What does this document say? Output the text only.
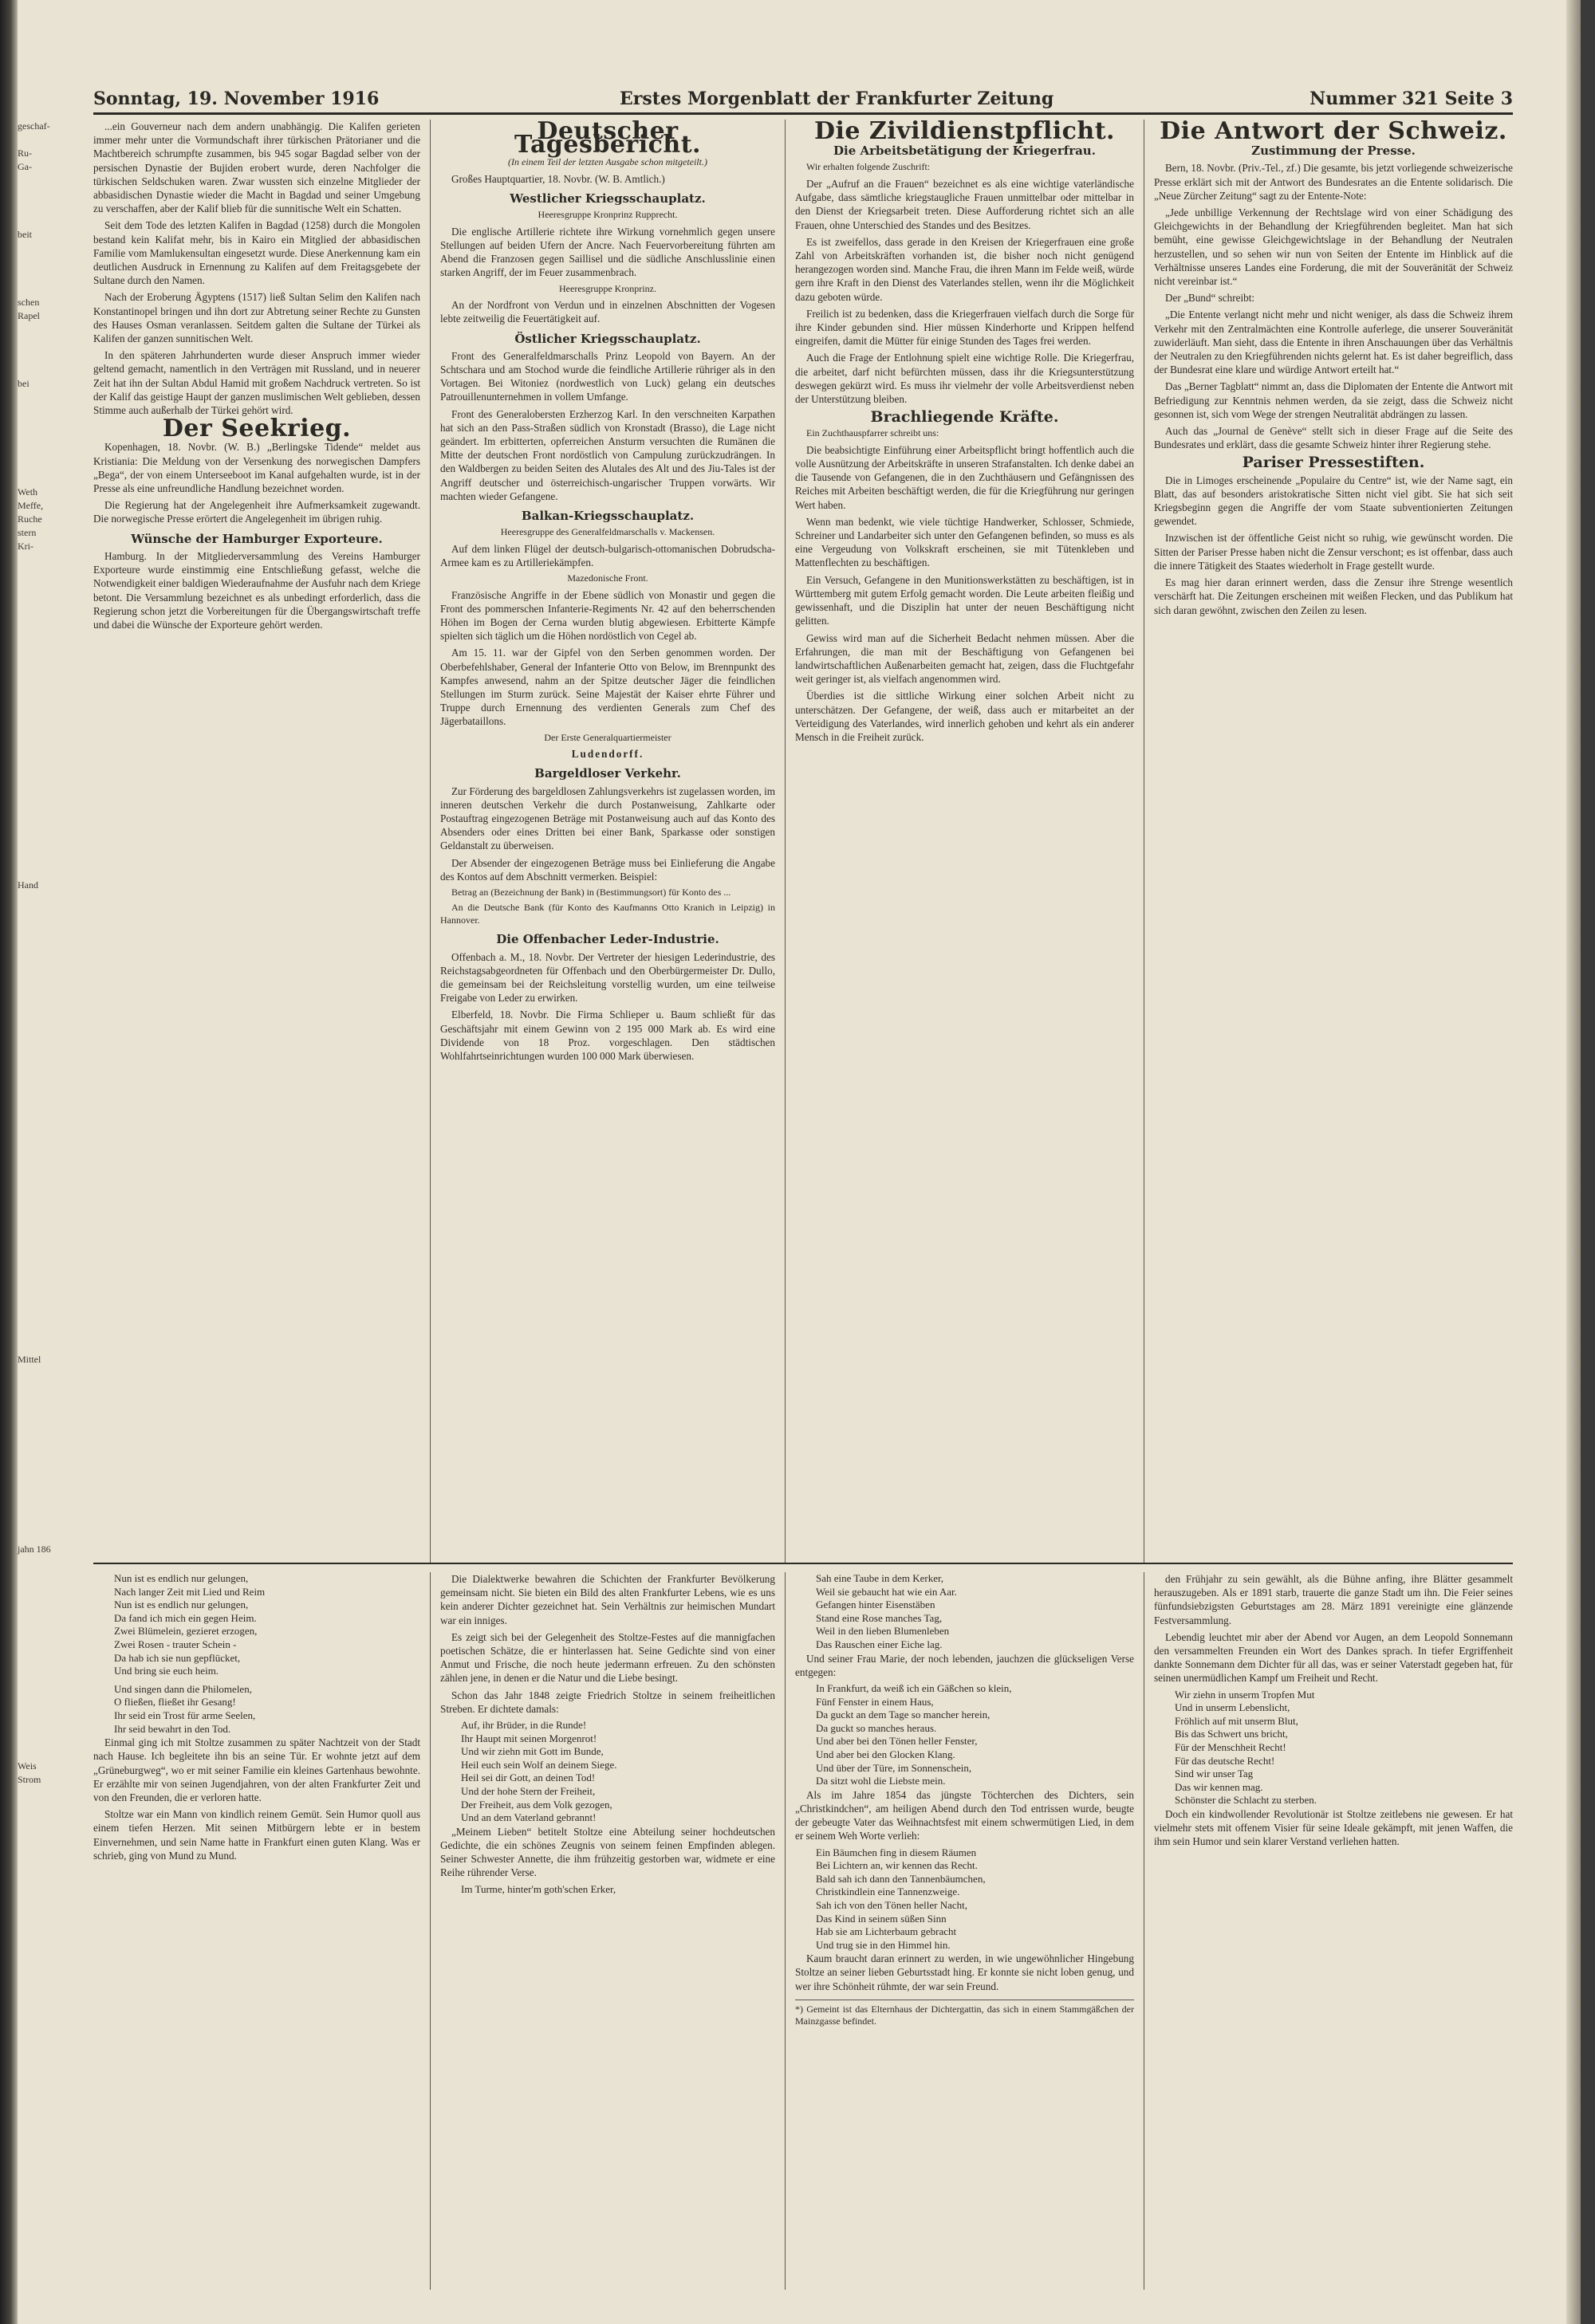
geschaf-
Ru-
Ga-
beit
schen
Rapel
bei
Weth
Meffe,
Ruche
stern
Kri-
Hand
Mittel
jahn 186
Weis
Strom
Sonntag, 19. November 1916	Erstes Morgenblatt der Frankfurter Zeitung	Nummer 321 Seite 3

...ein Gouverneur nach dem andern unabhängig. Die Kalifen gerieten immer mehr unter die Vormundschaft ihrer türkischen Prätorianer und die Machtbereich schrumpfte zusammen, bis 945 sogar Bagdad selber von der persischen Dynastie der Bujiden erobert wurde, deren Nachfolger die türkischen Seldschuken waren. Zwar wussten sich einzelne Mitglieder der abbasidischen Dynastie wieder die Macht in Bagdad und seiner Umgebung zu verschaffen, aber der Kalif blieb für die sunnitische Welt ein Schatten.

Seit dem Tode des letzten Kalifen in Bagdad (1258) durch die Mongolen bestand kein Kalifat mehr, bis in Kairo ein Mitglied der abbasidischen Familie vom Mamlukensultan eingesetzt wurde. Diese Anerkennung kam ein deutlichen Ausdruck in Ernennung zu Kalifen auf dem Freitagsgebete der Sultane durch den Namen.

Nach der Eroberung Ägyptens (1517) ließ Sultan Selim den Kalifen nach Konstantinopel bringen und ihn dort zur Abtretung seiner Rechte zu Gunsten des Hauses Osman veranlassen. Seitdem galten die Sultane der Türkei als Kalifen der ganzen sunnitischen Welt.

In den späteren Jahrhunderten wurde dieser Anspruch immer wieder geltend gemacht, namentlich in den Verträgen mit Russland, und in neuerer Zeit hat ihn der Sultan Abdul Hamid mit großem Nachdruck vertreten. So ist der Kalif das geistige Haupt der ganzen muslimischen Welt geblieben, dessen Stimme auch außerhalb der Türkei gehört wird.

Der Seekrieg.

Kopenhagen, 18. Novbr. (W. B.) „Berlingske Tidende“ meldet aus Kristiania: Die Meldung von der Versenkung des norwegischen Dampfers „Bega“, der von einem Unterseeboot im Kanal aufgehalten wurde, ist in der Presse als eine unfreundliche Handlung bezeichnet worden.

Die Regierung hat der Angelegenheit ihre Aufmerksamkeit zugewandt. Die norwegische Presse erörtert die Angelegenheit im übrigen ruhig.

Wünsche der Hamburger Exporteure.

Hamburg. In der Mitgliederversammlung des Vereins Hamburger Exporteure wurde einstimmig eine Entschließung gefasst, welche die Notwendigkeit einer baldigen Wiederaufnahme der Ausfuhr nach dem Kriege betont. Die Versammlung bezeichnet es als unbedingt erforderlich, dass die Regierung schon jetzt die Vorbereitungen für die Übergangswirtschaft treffe und dabei die Wünsche der Exporteure gehört werden.

Deutscher Tagesbericht.

(In einem Teil der letzten Ausgabe schon mitgeteilt.)

Großes Hauptquartier, 18. Novbr. (W. B. Amtlich.)

Westlicher Kriegsschauplatz.

Heeresgruppe Kronprinz Rupprecht.

Die englische Artillerie richtete ihre Wirkung vornehmlich gegen unsere Stellungen auf beiden Ufern der Ancre. Nach Feuervorbereitung führten am Abend die Franzosen gegen Saillisel und die südliche Anschlusslinie einen starken Angriff, der im Feuer zusammenbrach.

Heeresgruppe Kronprinz.

An der Nordfront von Verdun und in einzelnen Abschnitten der Vogesen lebte zeitweilig die Feuertätigkeit auf.

Östlicher Kriegsschauplatz.

Front des Generalfeldmarschalls Prinz Leopold von Bayern. An der Schtschara und am Stochod wurde die feindliche Artillerie rühriger als in den Vortagen. Bei Witoniez (nordwestlich von Luck) gelang ein deutsches Patrouillenunternehmen in vollem Umfange.

Front des Generalobersten Erzherzog Karl. In den verschneiten Karpathen hat sich an den Pass-Straßen südlich von Kronstadt (Brasso), die Lage nicht geändert. Im erbitterten, opferreichen Ansturm versuchten die Rumänen die Mitte der deutschen Front nordöstlich von Campulung zurückzudrängen. In den Waldbergen zu beiden Seiten des Alutales des Alt und des Jiu-Tales ist der Angriff deutscher und österreichisch-ungarischer Truppen vorwärts. Wir machten wieder Gefangene.

Balkan-Kriegsschauplatz.

Heeresgruppe des Generalfeldmarschalls v. Mackensen.

Auf dem linken Flügel der deutsch-bulgarisch-ottomanischen Dobrudscha-Armee kam es zu Artilleriekämpfen.

Mazedonische Front.

Französische Angriffe in der Ebene südlich von Monastir und gegen die Front des pommerschen Infanterie-Regiments Nr. 42 auf den beherrschenden Höhen im Bogen der Cerna wurden blutig abgewiesen. Erbitterte Kämpfe spielten sich täglich um die Höhen nordöstlich von Cegel ab.

Am 15. 11. war der Gipfel von den Serben genommen worden. Der Oberbefehlshaber, General der Infanterie Otto von Below, im Brennpunkt des Kampfes anwesend, nahm an der Spitze deutscher Jäger die feindlichen Stellungen im Sturm zurück. Seine Majestät der Kaiser ehrte Führer und Truppe durch Ernennung des verdienten Generals zum Chef des Jägerbataillons.

Der Erste Generalquartiermeister

Ludendorff.

Bargeldloser Verkehr.

Zur Förderung des bargeldlosen Zahlungsverkehrs ist zugelassen worden, im inneren deutschen Verkehr die durch Postanweisung, Zahlkarte oder Postauftrag eingezogenen Beträge mit Postanweisung auch auf das Konto des Absenders oder eines Dritten bei einer Bank, Sparkasse oder sonstigen Geldanstalt zu überweisen.

Der Absender der eingezogenen Beträge muss bei Einlieferung die Angabe des Kontos auf dem Abschnitt vermerken. Beispiel:

Betrag an (Bezeichnung der Bank) in (Bestimmungsort) für Konto des ...

An die Deutsche Bank (für Konto des Kaufmanns Otto Kranich in Leipzig) in Hannover.

Die Offenbacher Leder-Industrie.

Offenbach a. M., 18. Novbr. Der Vertreter der hiesigen Lederindustrie, des Reichstagsabgeordneten für Offenbach und den Oberbürgermeister Dr. Dullo, die gemeinsam bei der Reichsleitung vorstellig wurden, um eine teilweise Freigabe von Leder zu erwirken.

Elberfeld, 18. Novbr. Die Firma Schlieper u. Baum schließt für das Geschäftsjahr mit einem Gewinn von 2 195 000 Mark ab. Es wird eine Dividende von 18 Proz. vorgeschlagen. Den städtischen Wohlfahrtseinrichtungen wurden 100 000 Mark überwiesen.

Die Zivildienstpflicht.
Die Arbeitsbetätigung der Kriegerfrau.

Wir erhalten folgende Zuschrift:

Der „Aufruf an die Frauen“ bezeichnet es als eine wichtige vaterländische Aufgabe, dass sämtliche kriegstaugliche Frauen unmittelbar oder mittelbar in den Dienst der Kriegsarbeit treten. Diese Aufforderung richtet sich an alle Frauen, ohne Unterschied des Standes und des Besitzes.

Es ist zweifellos, dass gerade in den Kreisen der Kriegerfrauen eine große Zahl von Arbeitskräften vorhanden ist, die bisher noch nicht genügend herangezogen worden sind. Manche Frau, die ihren Mann im Felde weiß, würde gern ihre Kraft in den Dienst des Vaterlandes stellen, wenn ihr die Möglichkeit dazu geboten würde.

Freilich ist zu bedenken, dass die Kriegerfrauen vielfach durch die Sorge für ihre Kinder gebunden sind. Hier müssen Kinderhorte und Krippen helfend eingreifen, damit die Mütter für einige Stunden des Tages frei werden.

Auch die Frage der Entlohnung spielt eine wichtige Rolle. Die Kriegerfrau, die arbeitet, darf nicht befürchten müssen, dass ihr die Kriegsunterstützung deswegen gekürzt wird. Es muss ihr vielmehr der volle Arbeitsverdienst neben der Unterstützung bleiben.

Brachliegende Kräfte.

Ein Zuchthauspfarrer schreibt uns:

Die beabsichtigte Einführung einer Arbeitspflicht bringt hoffentlich auch die volle Ausnützung der Arbeitskräfte in unseren Strafanstalten. Ich denke dabei an die Tausende von Gefangenen, die in den Zuchthäusern und Gefängnissen des Reiches mit Arbeiten beschäftigt werden, die für die Kriegführung nur geringen Wert haben.

Wenn man bedenkt, wie viele tüchtige Handwerker, Schlosser, Schmiede, Schreiner und Landarbeiter sich unter den Gefangenen befinden, so muss es als eine Vergeudung von Volkskraft erscheinen, sie mit Tütenkleben und Mattenflechten zu beschäftigen.

Ein Versuch, Gefangene in den Munitionswerkstätten zu beschäftigen, ist in Württemberg mit gutem Erfolg gemacht worden. Die Leute arbeiten fleißig und gewissenhaft, und die Disziplin hat unter der neuen Beschäftigung nicht gelitten.

Gewiss wird man auf die Sicherheit Bedacht nehmen müssen. Aber die Erfahrungen, die man mit der Beschäftigung von Gefangenen bei landwirtschaftlichen Außenarbeiten gemacht hat, zeigen, dass die Fluchtgefahr weit geringer ist, als vielfach angenommen wird.

Überdies ist die sittliche Wirkung einer solchen Arbeit nicht zu unterschätzen. Der Gefangene, der weiß, dass auch er mitarbeitet an der Verteidigung des Vaterlandes, wird innerlich gehoben und kehrt als ein anderer Mensch in die Freiheit zurück.

Die Antwort der Schweiz.
Zustimmung der Presse.

Bern, 18. Novbr. (Priv.-Tel., zf.) Die gesamte, bis jetzt vorliegende schweizerische Presse erklärt sich mit der Antwort des Bundesrates an die Entente solidarisch. Die „Neue Zürcher Zeitung“ sagt zu der Entente-Note:

„Jede unbillige Verkennung der Rechtslage wird von einer Schädigung des Gleichgewichts in der Behandlung der Kriegführenden begleitet. Man hat sich bemüht, eine gewisse Gleichgewichtslage in der Behandlung der Neutralen herzustellen, und so sehen wir nun von Seiten der Entente im Hinblick auf die Verhältnisse unseres Landes eine Forderung, die mit der Souveränität der Schweiz nicht vereinbar ist.“

Der „Bund“ schreibt:

„Die Entente verlangt nicht mehr und nicht weniger, als dass die Schweiz ihrem Verkehr mit den Zentralmächten eine Kontrolle auferlege, die unserer Souveränität zuwiderläuft. Man sieht, dass die Entente in ihren Anschauungen über das Verhältnis der Neutralen zu den Kriegführenden nichts gelernt hat. Es ist daher begreiflich, dass der Bundesrat eine klare und würdige Antwort erteilt hat.“

Das „Berner Tagblatt“ nimmt an, dass die Diplomaten der Entente die Antwort mit Befriedigung zur Kenntnis nehmen werden, da sie zeigt, dass die Schweiz nicht gesonnen ist, sich vom Wege der strengen Neutralität abdrängen zu lassen.

Auch das „Journal de Genève“ stellt sich in dieser Frage auf die Seite des Bundesrates und erklärt, dass die gesamte Schweiz hinter ihrer Regierung stehe.

Pariser Pressestiften.

Die in Limoges erscheinende „Populaire du Centre“ ist, wie der Name sagt, ein Blatt, das auf besonders aristokratische Sitten nicht viel gibt. Sie hat sich seit Kriegsbeginn gegen die Angriffe der vom Staate subventionierten Zeitungen gewendet.

Inzwischen ist der öffentliche Geist nicht so ruhig, wie gewünscht worden. Die Sitten der Pariser Presse haben nicht die Zensur verschont; es ist offenbar, dass auch die innere Tätigkeit des Staates wiederholt in Frage gestellt wurde.

Es mag hier daran erinnert werden, dass die Zensur ihre Strenge wesentlich verschärft hat. Die Zeitungen erscheinen mit weißen Flecken, und das Publikum hat sich daran gewöhnt, zwischen den Zeilen zu lesen.

Nun ist es endlich nur gelungen,
Nach langer Zeit mit Lied und Reim
Nun ist es endlich nur gelungen,
Da fand ich mich ein gegen Heim.
Zwei Blümelein, gezieret erzogen,
Zwei Rosen - trauter Schein -
Da hab ich sie nun gepflücket,
Und bring sie euch heim.
Und singen dann die Philomelen,
O fließen, fließet ihr Gesang!
Ihr seid ein Trost für arme Seelen,
Ihr seid bewahrt in den Tod.

Einmal ging ich mit Stoltze zusammen zu später Nachtzeit von der Stadt nach Hause. Ich begleitete ihn bis an seine Tür. Er wohnte jetzt auf dem „Grüneburgweg“, wo er mit seiner Familie ein kleines Gartenhaus bewohnte. Er erzählte mir von seinen Jugendjahren, von der alten Frankfurter Zeit und von den Freunden, die er verloren hatte.

Stoltze war ein Mann von kindlich reinem Gemüt. Sein Humor quoll aus einem tiefen Herzen. Mit seinen Mitbürgern lebte er in bestem Einvernehmen, und sein Name hatte in Frankfurt einen guten Klang. Was er schrieb, ging von Mund zu Mund.

Die Dialektwerke bewahren die Schichten der Frankfurter Bevölkerung gemeinsam nicht. Sie bieten ein Bild des alten Frankfurter Lebens, wie es uns kein anderer Dichter gezeichnet hat. Sein Verhältnis zur heimischen Mundart war ein inniges.

Es zeigt sich bei der Gelegenheit des Stoltze-Festes auf die mannigfachen poetischen Schätze, die er hinterlassen hat. Seine Gedichte sind von einer Anmut und Frische, die noch heute jedermann erfreuen. Zu den schönsten zählen jene, in denen er die Natur und die Liebe besingt.

Schon das Jahr 1848 zeigte Friedrich Stoltze in seinem freiheitlichen Streben. Er dichtete damals:

Auf, ihr Brüder, in die Runde!
Ihr Haupt mit seinen Morgenrot!
Und wir ziehn mit Gott im Bunde,
Heil euch sein Wolf an deinem Siege.
Heil sei dir Gott, an deinen Tod!
Und der hohe Stern der Freiheit,
Der Freiheit, aus dem Volk gezogen,
Und an dem Vaterland gebrannt!

„Meinem Lieben“ betitelt Stoltze eine Abteilung seiner hochdeutschen Gedichte, die ein schönes Zeugnis von seinem feinen Empfinden ablegen. Seiner Schwester Annette, die ihm frühzeitig gestorben war, widmete er eine Reihe rührender Verse.

Im Turme, hinter'm goth'schen Erker,
Sah eine Taube in dem Kerker,
Weil sie gebaucht hat wie ein Aar.
Gefangen hinter Eisenstäben
Stand eine Rose manches Tag,
Weil in den lieben Blumenleben
Das Rauschen einer Eiche lag.

Und seiner Frau Marie, der noch lebenden, jauchzen die glückseligen Verse entgegen:

In Frankfurt, da weiß ich ein Gäßchen so klein,
Fünf Fenster in einem Haus,
Da guckt an dem Tage so mancher herein,
Da guckt so manches heraus.
Und aber bei den Tönen heller Fenster,
Und aber bei den Glocken Klang.
Und über der Türe, im Sonnenschein,
Da sitzt wohl die Liebste mein.

Als im Jahre 1854 das jüngste Töchterchen des Dichters, sein „Christkindchen“, am heiligen Abend durch den Tod entrissen wurde, beugte der gebeugte Vater das Weihnachtsfest mit einem schwermütigen Lied, in dem er seinem Weh Worte verlieh:

Ein Bäumchen fing in diesem Räumen
Bei Lichtern an, wir kennen das Recht.
Bald sah ich dann den Tannenbäumchen,
Christkindlein eine Tannenzweige.
Sah ich von den Tönen heller Nacht,
Das Kind in seinem süßen Sinn
Hab sie am Lichterbaum gebracht
Und trug sie in den Himmel hin.

Kaum braucht daran erinnert zu werden, in wie ungewöhnlicher Hingebung Stoltze an seiner lieben Geburtsstadt hing. Er konnte sie nicht loben genug, und wer ihre Schönheit rühmte, der war sein Freund.

*) Gemeint ist das Elternhaus der Dichtergattin, das sich in einem Stammgäßchen der Mainzgasse befindet.

den Frühjahr zu sein gewählt, als die Bühne anfing, ihre Blätter gesammelt herauszugeben. Als er 1891 starb, trauerte die ganze Stadt um ihn. Die Feier seines fünfundsiebzigsten Geburtstages am 28. März 1891 vereinigte eine glänzende Festversammlung.

Lebendig leuchtet mir aber der Abend vor Augen, an dem Leopold Sonnemann den versammelten Freunden ein Wort des Dankes sprach. In tiefer Ergriffenheit dankte Sonnemann dem Dichter für all das, was er seiner Vaterstadt gegeben hat, für seinen unermüdlichen Kampf um Freiheit und Recht.

Wir ziehn in unserm Tropfen Mut
Und in unserm Lebenslicht,
Fröhlich auf mit unserm Blut,
Bis das Schwert uns bricht,
Für der Menschheit Recht!
Für das deutsche Recht!
Sind wir unser Tag
Das wir kennen mag.
Schönster die Schlacht zu sterben.

Doch ein kindwollender Revolutionär ist Stoltze zeitlebens nie gewesen. Er hat vielmehr stets mit offenem Visier für seine Ideale gekämpft, mit jenen Waffen, die ihm sein Humor und sein klarer Verstand verliehen hatten.
